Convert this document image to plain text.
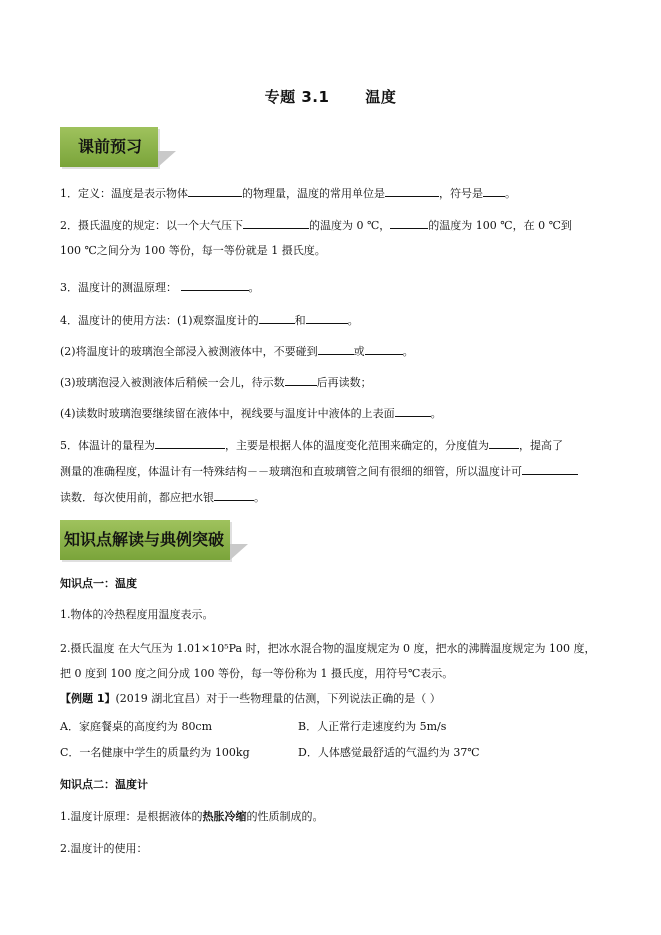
专题 3.1 温度
课前预习
1．定义：温度是表示物体	的物理量，温度的常用单位是	，符号是 。
2．摄氏温度的规定：以一个大气压下	的温度为 0 ℃，	的温度为 100 ℃，在 0 ℃到
100 ℃之间分为 100 等份，每一等份就是 1 摄氏度。
3．温度计的测温原理：	。
4．温度计的使用方法：(1)观察温度计的	和	。
(2)将温度计的玻璃泡全部浸入被测液体中，不要碰到	或	。
(3)玻璃泡浸入被测液体后稍候一会儿，待示数	后再读数；
(4)读数时玻璃泡要继续留在液体中，视线要与温度计中液体的上表面	。
5．体温计的量程为	，主要是根据人体的温度变化范围来确定的，分度值为	，提高了
测量的准确程度，体温计有一特殊结构－－玻璃泡和直玻璃管之间有很细的细管，所以温度计可
读数．每次使用前，都应把水银	。
知识点解读与典例突破
知识点一：温度
1.物体的冷热程度用温度表示。
2.摄氏温度 在大气压为 1.01×10⁵Pa 时，把冰水混合物的温度规定为 0 度，把水的沸腾温度规定为 100 度，
把 0 度到 100 度之间分成 100 等份，每一等份称为 1 摄氏度，用符号℃表示。
【例题 1】(2019 湖北宜昌）对于一些物理量的估测，下列说法正确的是（ ）
A．家庭餐桌的高度约为 80cm	B．人正常行走速度约为 5m/s
C．一名健康中学生的质量约为 100kg	D．人体感觉最舒适的气温约为 37℃
知识点二：温度计
1.温度计原理：是根据液体的热胀冷缩的性质制成的。
2.温度计的使用：
